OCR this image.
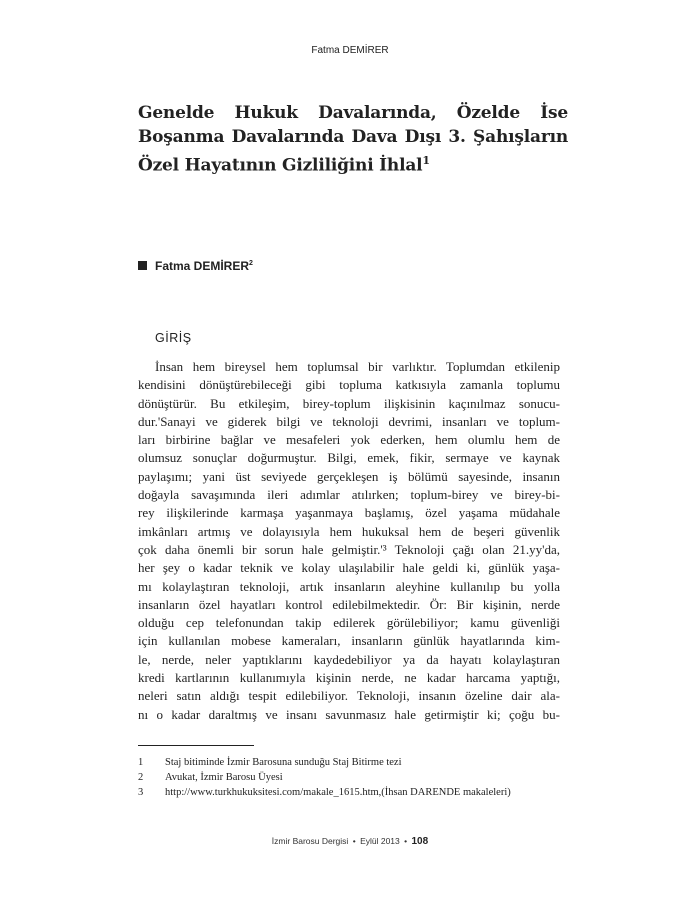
Fatma DEMİRER
Genelde Hukuk Davalarında, Özelde İse Boşanma Davalarında Dava Dışı 3. Şahışların Özel Hayatının Gizliliğini İhlal$^1$
Fatma DEMİRER$^2$
GİRİŞ
İnsan hem bireysel hem toplumsal bir varlıktır. Toplumdan etkilenip
kendisini dönüştürebileceği gibi topluma katkısıyla zamanla toplumu
dönüştürür. Bu etkileşim, birey-toplum ilişkisinin kaçınılmaz sonucu-
dur.'Sanayi ve giderek bilgi ve teknoloji devrimi, insanları ve toplum-
ları birbirine bağlar ve mesafeleri yok ederken, hem olumlu hem de
olumsuz sonuçlar doğurmuştur. Bilgi, emek, fikir, sermaye ve kaynak
paylaşımı; yani üst seviyede gerçekleşen iş bölümü sayesinde, insanın
doğayla savaşımında ileri adımlar atılırken; toplum-birey ve birey-bi-
rey ilişkilerinde karmaşa yaşanmaya başlamış, özel yaşama müdahale
imkânları artmış ve dolayısıyla hem hukuksal hem de beşeri güvenlik
çok daha önemli bir sorun hale gelmiştir.'³ Teknoloji çağı olan 21.yy'da,
her şey o kadar teknik ve kolay ulaşılabilir hale geldi ki, günlük yaşa-
mı kolaylaştıran teknoloji, artık insanların aleyhine kullanılıp bu yolla
insanların özel hayatları kontrol edilebilmektedir. Ör: Bir kişinin, nerde
olduğu cep telefonundan takip edilerek görülebiliyor; kamu güvenliği
için kullanılan mobese kameraları, insanların günlük hayatlarında kim-
le, nerde, neler yaptıklarını kaydedebiliyor ya da hayatı kolaylaştıran
kredi kartlarının kullanımıyla kişinin nerde, ne kadar harcama yaptığı,
neleri satın aldığı tespit edilebiliyor. Teknoloji, insanın özeline dair ala-
nı o kadar daraltmış ve insanı savunmasız hale getirmiştir ki; çoğu bu-
1	Staj bitiminde İzmir Barosuna sunduğu Staj Bitirme tezi
2	Avukat, İzmir Barosu Üyesi
3	http://www.turkhukuksitesi.com/makale_1615.htm,(İhsan DARENDE makaleleri)
İzmir Barosu Dergisi • Eylül 2013 • 108
